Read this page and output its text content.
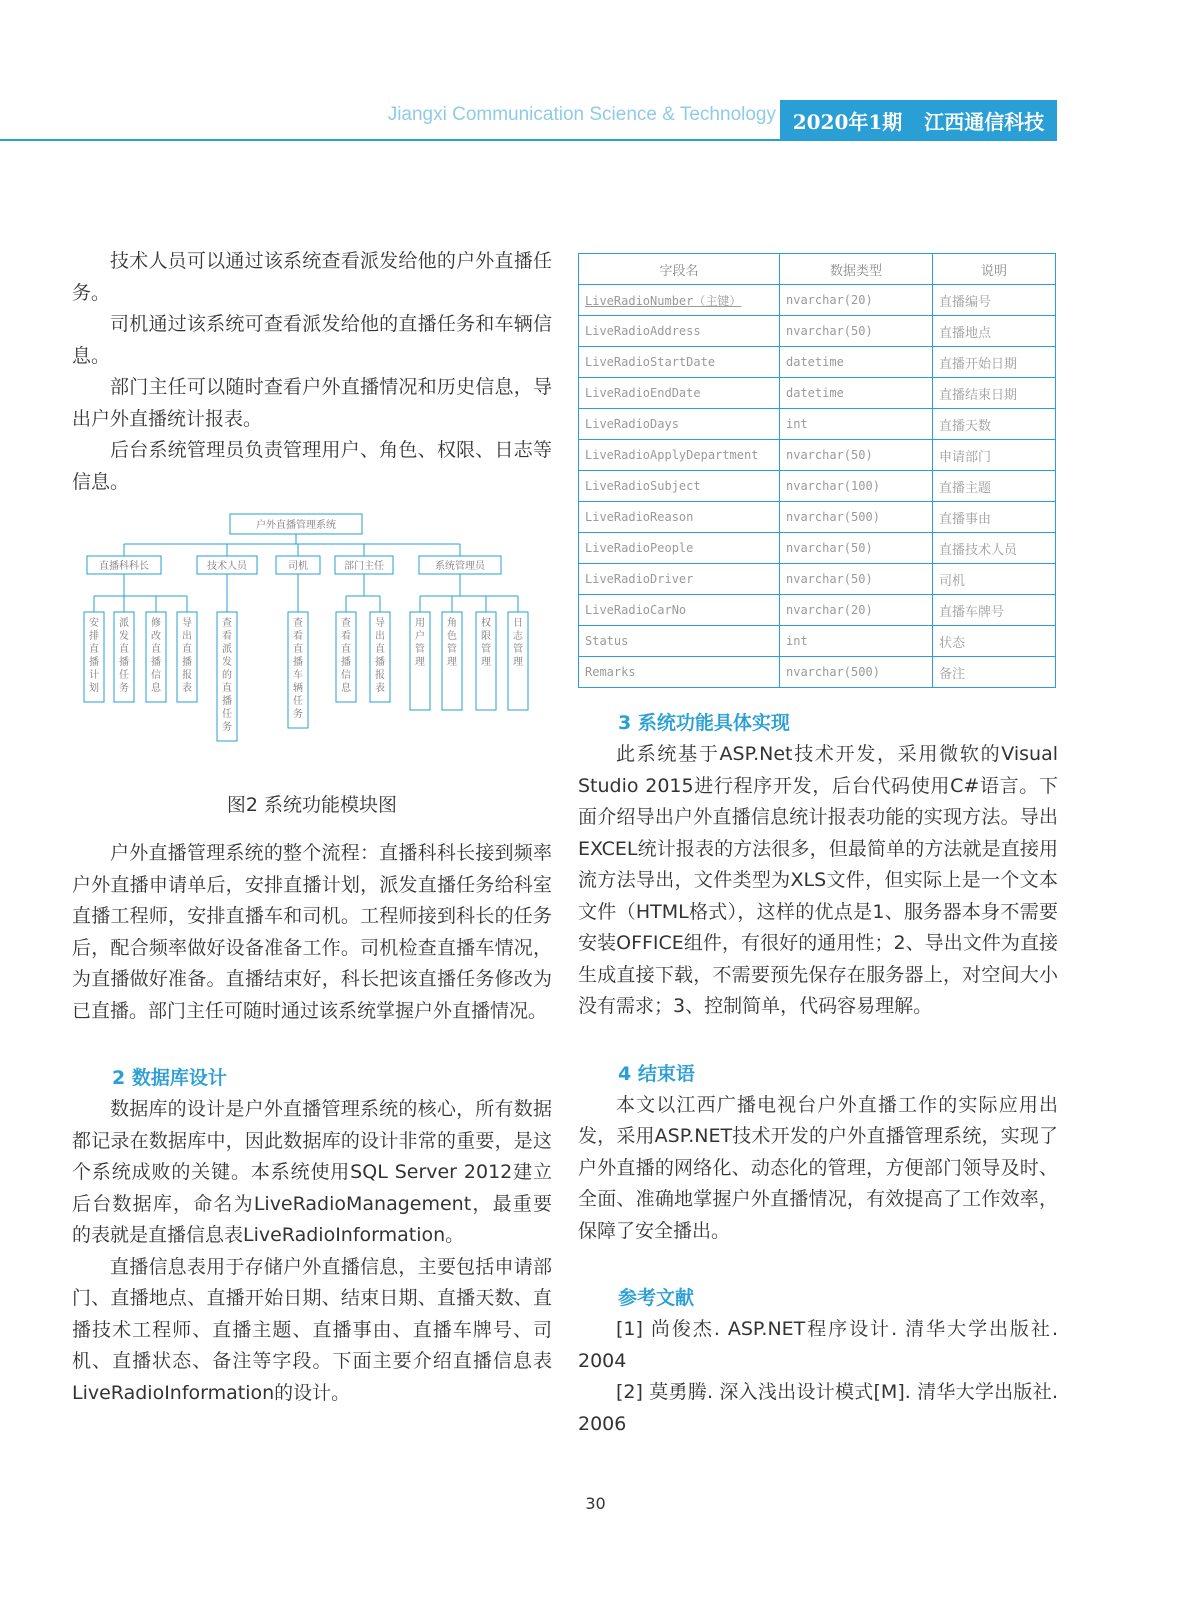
Jiangxi Communication Science & Technology 2020年1期 江西通信科技

技术人员可以通过该系统查看派发给他的户外直播任务。

司机通过该系统可查看派发给他的直播任务和车辆信息。

部门主任可以随时查看户外直播情况和历史信息，导出户外直播统计报表。

后台系统管理员负责管理用户、角色、权限、日志等信息。

户外直播管理系统
直播科科长
安排直播计划
派发直播任务
修改直播信息
导出直播报表
技术人员
查看派发的直播任务
司机
查看直播车辆任务
部门主任
查看直播信息
导出直播报表
系统管理员
用户管理
角色管理
权限管理
日志管理
图2 系统功能模块图

户外直播管理系统的整个流程：直播科科长接到频率户外直播申请单后，安排直播计划，派发直播任务给科室直播工程师，安排直播车和司机。工程师接到科长的任务后，配合频率做好设备准备工作。司机检查直播车情况，为直播做好准备。直播结束好，科长把该直播任务修改为已直播。部门主任可随时通过该系统掌握户外直播情况。

2 数据库设计

数据库的设计是户外直播管理系统的核心，所有数据都记录在数据库中，因此数据库的设计非常的重要，是这个系统成败的关键。本系统使用SQL Server 2012建立后台数据库，命名为LiveRadioManagement，最重要的表就是直播信息表LiveRadioInformation。

直播信息表用于存储户外直播信息，主要包括申请部门、直播地点、直播开始日期、结束日期、直播天数、直播技术工程师、直播主题、直播事由、直播车牌号、司机、直播状态、备注等字段。下面主要介绍直播信息表LiveRadioInformation的设计。

字段名	数据类型	说明
LiveRadioNumber（主键）	nvarchar(20)	直播编号
LiveRadioAddress	nvarchar(50)	直播地点
LiveRadioStartDate	datetime	直播开始日期
LiveRadioEndDate	datetime	直播结束日期
LiveRadioDays	int	直播天数
LiveRadioApplyDepartment	nvarchar(50)	申请部门
LiveRadioSubject	nvarchar(100)	直播主题
LiveRadioReason	nvarchar(500)	直播事由
LiveRadioPeople	nvarchar(50)	直播技术人员
LiveRadioDriver	nvarchar(50)	司机
LiveRadioCarNo	nvarchar(20)	直播车牌号
Status	int	状态
Remarks	nvarchar(500)	备注
3 系统功能具体实现

此系统基于ASP.Net技术开发，采用微软的Visual Studio 2015进行程序开发，后台代码使用C#语言。下面介绍导出户外直播信息统计报表功能的实现方法。导出EXCEL统计报表的方法很多，但最简单的方法就是直接用流方法导出，文件类型为XLS文件，但实际上是一个文本文件（HTML格式），这样的优点是1、服务器本身不需要安装OFFICE组件，有很好的通用性；2、导出文件为直接生成直接下载，不需要预先保存在服务器上，对空间大小没有需求；3、控制简单，代码容易理解。

4 结束语

本文以江西广播电视台户外直播工作的实际应用出发，采用ASP.NET技术开发的户外直播管理系统，实现了户外直播的网络化、动态化的管理，方便部门领导及时、全面、准确地掌握户外直播情况，有效提高了工作效率，保障了安全播出。

参考文献

[1] 尚俊杰. ASP.NET程序设计. 清华大学出版社. 2004

[2] 莫勇腾. 深入浅出设计模式[M]. 清华大学出版社. 2006

30
